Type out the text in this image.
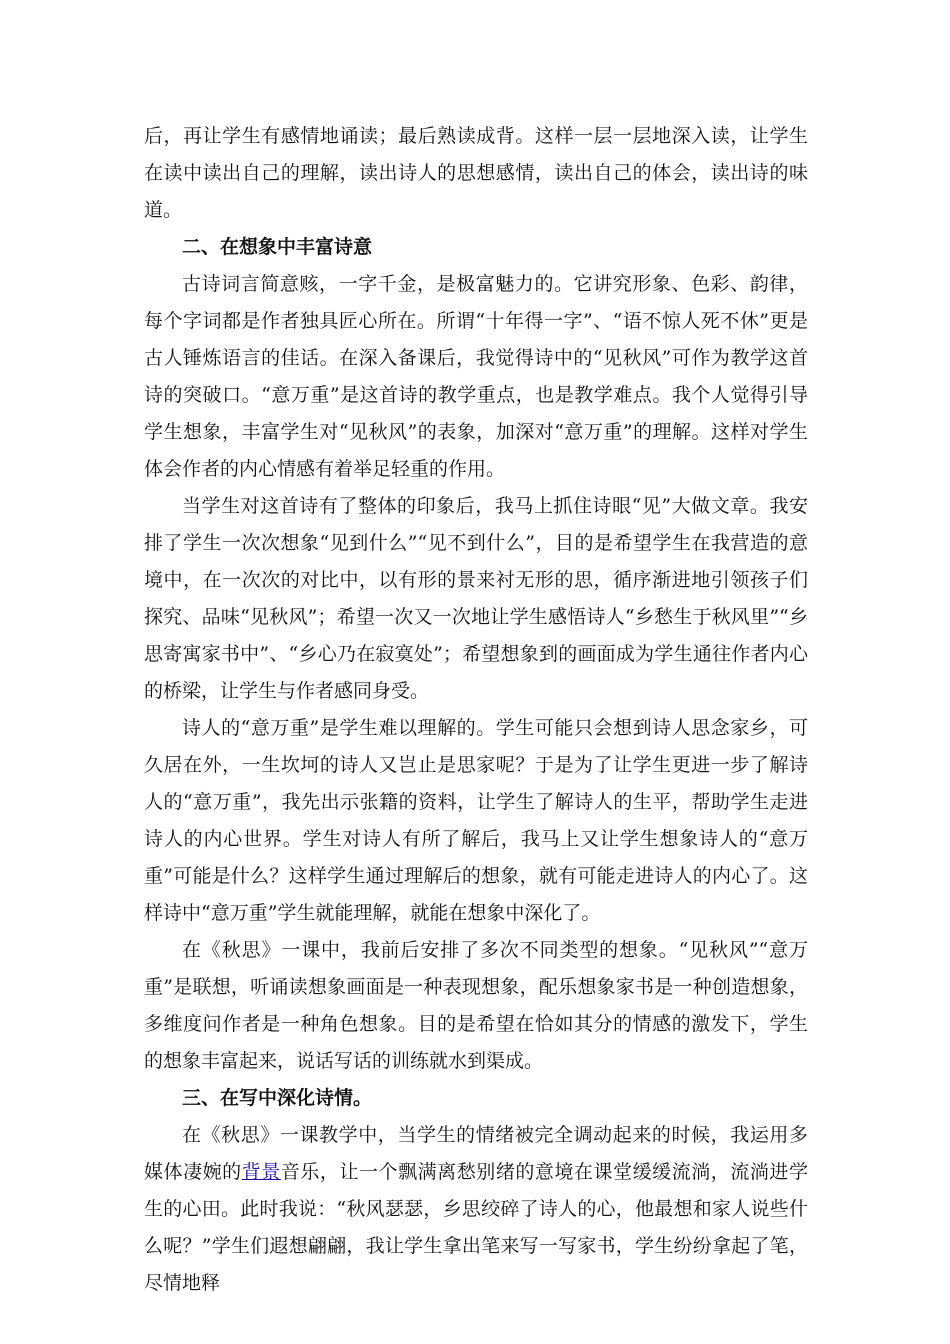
后，再让学生有感情地诵读；最后熟读成背。这样一层一层地深入读，让学生在读中读出自己的理解，读出诗人的思想感情，读出自己的体会，读出诗的味道。

二、在想象中丰富诗意

古诗词言简意赅，一字千金，是极富魅力的。它讲究形象、色彩、韵律，每个字词都是作者独具匠心所在。所谓“十年得一字”、“语不惊人死不休”更是古人锤炼语言的佳话。在深入备课后，我觉得诗中的“见秋风”可作为教学这首诗的突破口。“意万重”是这首诗的教学重点，也是教学难点。我个人觉得引导学生想象，丰富学生对“见秋风”的表象，加深对“意万重”的理解。这样对学生体会作者的内心情感有着举足轻重的作用。

当学生对这首诗有了整体的印象后，我马上抓住诗眼“见”大做文章。我安排了学生一次次想象“见到什么”“见不到什么”，目的是希望学生在我营造的意境中，在一次次的对比中，以有形的景来衬无形的思，循序渐进地引领孩子们探究、品味“见秋风”；希望一次又一次地让学生感悟诗人“乡愁生于秋风里”“乡思寄寓家书中”、“乡心乃在寂寞处”；希望想象到的画面成为学生通往作者内心的桥梁，让学生与作者感同身受。

诗人的“意万重”是学生难以理解的。学生可能只会想到诗人思念家乡，可久居在外，一生坎坷的诗人又岂止是思家呢？于是为了让学生更进一步了解诗人的“意万重”，我先出示张籍的资料，让学生了解诗人的生平，帮助学生走进诗人的内心世界。学生对诗人有所了解后，我马上又让学生想象诗人的“意万重”可能是什么？这样学生通过理解后的想象，就有可能走进诗人的内心了。这样诗中“意万重”学生就能理解，就能在想象中深化了。

在《秋思》一课中，我前后安排了多次不同类型的想象。“见秋风”“意万重”是联想，听诵读想象画面是一种表现想象，配乐想象家书是一种创造想象，多维度问作者是一种角色想象。目的是希望在恰如其分的情感的激发下，学生的想象丰富起来，说话写话的训练就水到渠成。

三、在写中深化诗情。

在《秋思》一课教学中，当学生的情绪被完全调动起来的时候，我运用多媒体凄婉的背景音乐，让一个飘满离愁别绪的意境在课堂缓缓流淌，流淌进学生的心田。此时我说：“秋风瑟瑟，乡思绞碎了诗人的心，他最想和家人说些什么呢？”学生们遐想翩翩，我让学生拿出笔来写一写家书，学生纷纷拿起了笔，尽情地释
